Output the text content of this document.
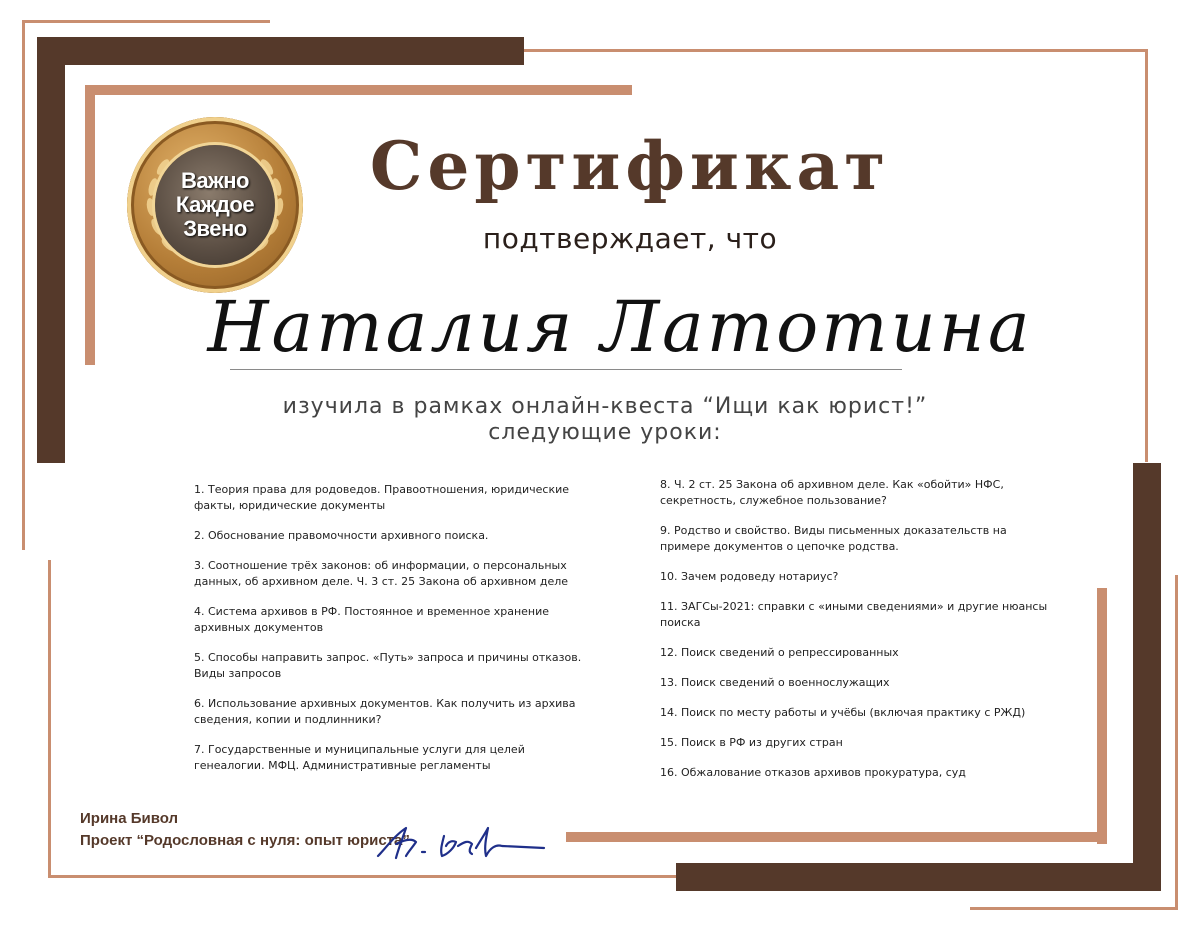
Важно
Каждое
Звено
Сертификат
подтверждает, что
Наталия Латотина
изучила в рамках онлайн-квеста “Ищи как юрист!”
следующие уроки:
1. Теория права для родоведов. Правоотношения, юридические факты, юридические документы
2. Обоснование правомочности архивного поиска.
3. Соотношение трёх законов: об информации, о персональных данных, об архивном деле. Ч. 3 ст. 25 Закона об архивном деле
4. Система архивов в РФ. Постоянное и временное хранение архивных документов
5. Способы направить запрос. «Путь» запроса и причины отказов. Виды запросов
6. Использование архивных документов. Как получить из архива сведения, копии и подлинники?
7. Государственные и муниципальные услуги для целей генеалогии. МФЦ. Административные регламенты
8. Ч. 2 ст. 25 Закона об архивном деле. Как «обойти» НФС, секретность, служебное пользование?
9. Родство и свойство. Виды письменных доказательств на примере документов о цепочке родства.
10. Зачем родоведу нотариус?
11. ЗАГСы-2021: справки с «иными сведениями» и другие нюансы поиска
12. Поиск сведений о репрессированных
13. Поиск сведений о военнослужащих
14. Поиск по месту работы и учёбы (включая практику с РЖД)
15. Поиск в РФ из других стран
16. Обжалование отказов архивов прокуратура, суд
Ирина Бивол
Проект “Родословная с нуля: опыт юриста”
